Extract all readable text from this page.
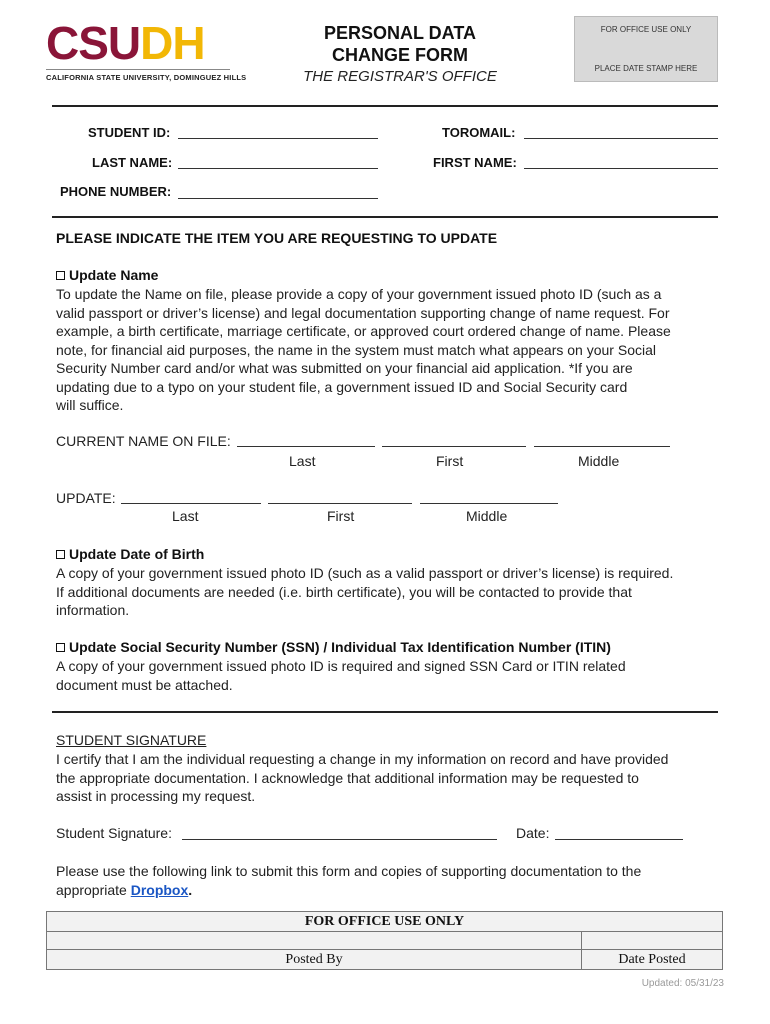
CSUDH
CALIFORNIA STATE UNIVERSITY, DOMINGUEZ HILLS
PERSONAL DATA
CHANGE FORM
THE REGISTRAR'S OFFICE
FOR OFFICE USE ONLY
PLACE DATE STAMP HERE
STUDENT ID:	TOROMAIL:
LAST NAME:	FIRST NAME:
PHONE NUMBER:
PLEASE INDICATE THE ITEM YOU ARE REQUESTING TO UPDATE
Update Name
To update the Name on file, please provide a copy of your government issued photo ID (such as a
valid passport or driver’s license) and legal documentation supporting change of name request. For
example, a birth certificate, marriage certificate, or approved court ordered change of name. Please
note, for financial aid purposes, the name in the system must match what appears on your Social
Security Number card and/or what was submitted on your financial aid application. *If you are
updating due to a typo on your student file, a government issued ID and Social Security card
will suffice.
CURRENT NAME ON FILE:
Last	First	Middle
UPDATE:
Last	First	Middle
Update Date of Birth
A copy of your government issued photo ID (such as a valid passport or driver’s license) is required.
If additional documents are needed (i.e. birth certificate), you will be contacted to provide that
information.
Update Social Security Number (SSN) / Individual Tax Identification Number (ITIN)
A copy of your government issued photo ID is required and signed SSN Card or ITIN related
document must be attached.
STUDENT SIGNATURE
I certify that I am the individual requesting a change in my information on record and have provided
the appropriate documentation. I acknowledge that additional information may be requested to
assist in processing my request.
Student Signature:	Date:
Please use the following link to submit this form and copies of supporting documentation to the
appropriate Dropbox.
FOR OFFICE USE ONLY	

Posted By	Date Posted
Updated: 05/31/23
